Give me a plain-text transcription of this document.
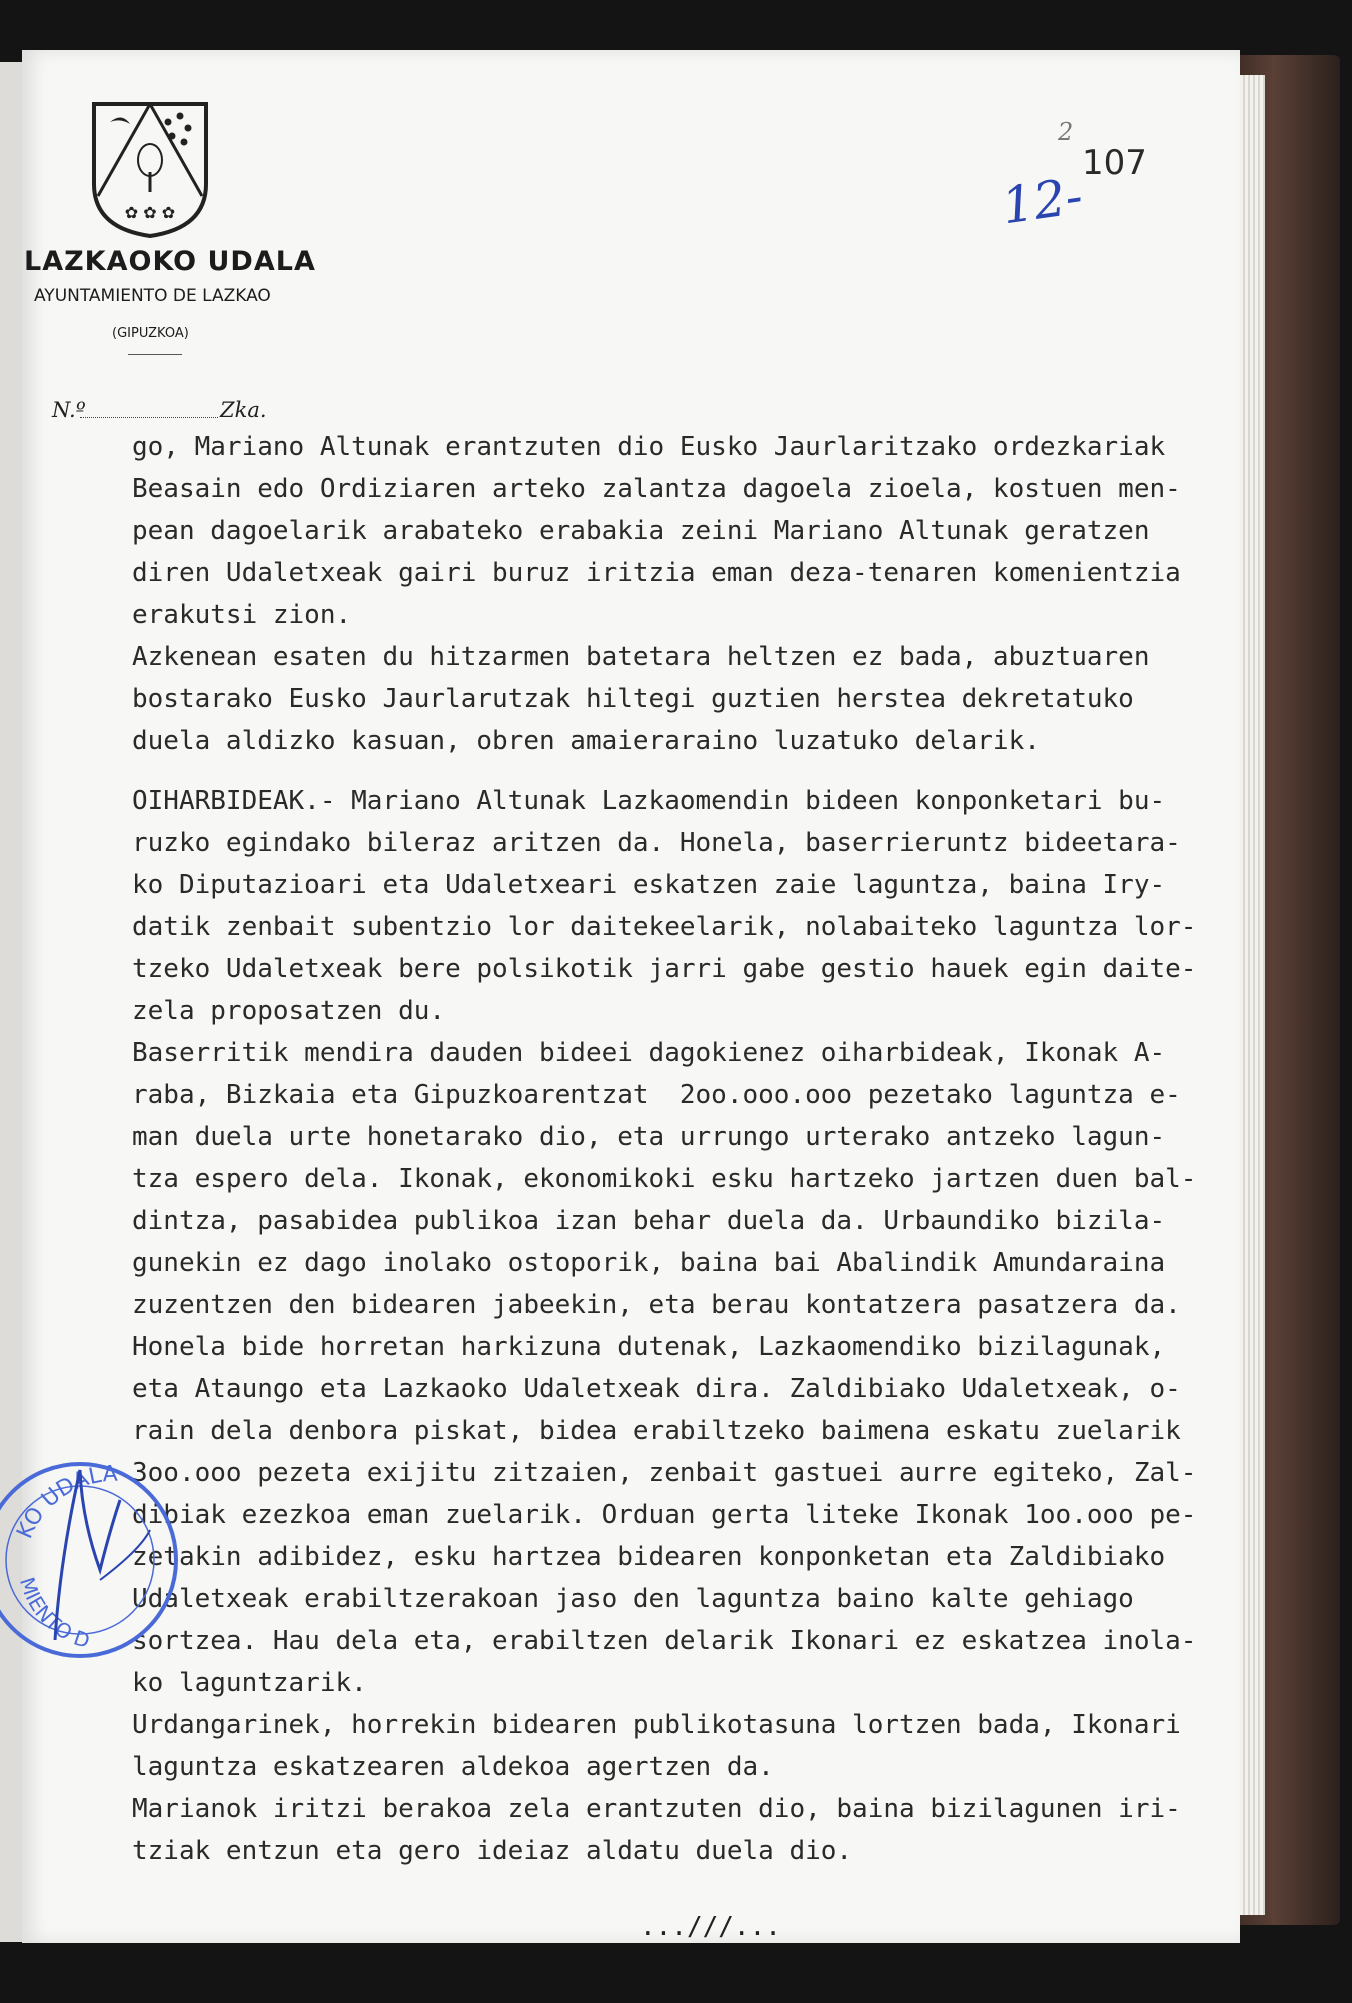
✿ ✿ ✿
LAZKAOKO UDALA
AYUNTAMIENTO DE LAZKAO
(GIPUZKOA)
N.º	Zka.
2
107
12-
go, Mariano Altunak erantzuten dio Eusko Jaurlaritzako ordezkariak
Beasain edo Ordiziaren arteko zalantza dagoela zioela, kostuen men-
pean dagoelarik arabateko erabakia zeini Mariano Altunak geratzen
diren Udaletxeak gairi buruz iritzia eman deza-tenaren komenientzia
erakutsi zion.
Azkenean esaten du hitzarmen batetara heltzen ez bada, abuztuaren
bostarako Eusko Jaurlarutzak hiltegi guztien herstea dekretatuko
duela aldizko kasuan, obren amaieraraino luzatuko delarik.
OIHARBIDEAK.- Mariano Altunak Lazkaomendin bideen konponketari bu-
ruzko egindako bileraz aritzen da. Honela, baserrieruntz bideetara-
ko Diputazioari eta Udaletxeari eskatzen zaie laguntza, baina Iry-
datik zenbait subentzio lor daitekeelarik, nolabaiteko laguntza lor-
tzeko Udaletxeak bere polsikotik jarri gabe gestio hauek egin daite-
zela proposatzen du.
Baserritik mendira dauden bideei dagokienez oiharbideak, Ikonak A-
raba, Bizkaia eta Gipuzkoarentzat  2oo.ooo.ooo pezetako laguntza e-
man duela urte honetarako dio, eta urrungo urterako antzeko lagun-
tza espero dela. Ikonak, ekonomikoki esku hartzeko jartzen duen bal-
dintza, pasabidea publikoa izan behar duela da. Urbaundiko bizila-
gunekin ez dago inolako ostoporik, baina bai Abalindik Amundaraina
zuzentzen den bidearen jabeekin, eta berau kontatzera pasatzera da.
Honela bide horretan harkizuna dutenak, Lazkaomendiko bizilagunak,
eta Ataungo eta Lazkaoko Udaletxeak dira. Zaldibiako Udaletxeak, o-
rain dela denbora piskat, bidea erabiltzeko baimena eskatu zuelarik
3oo.ooo pezeta exijitu zitzaien, zenbait gastuei aurre egiteko, Zal-
dibiak ezezkoa eman zuelarik. Orduan gerta liteke Ikonak 1oo.ooo pe-
zetakin adibidez, esku hartzea bidearen konponketan eta Zaldibiako
Udaletxeak erabiltzerakoan jaso den laguntza baino kalte gehiago
sortzea. Hau dela eta, erabiltzen delarik Ikonari ez eskatzea inola-
ko laguntzarik.
Urdangarinek, horrekin bidearen publikotasuna lortzen bada, Ikonari
laguntza eskatzearen aldekoa agertzen da.
Marianok iritzi berakoa zela erantzuten dio, baina bizilagunen iri-
tziak entzun eta gero ideiaz aldatu duela dio.
KO UDALA
MIENTO D
...///...
